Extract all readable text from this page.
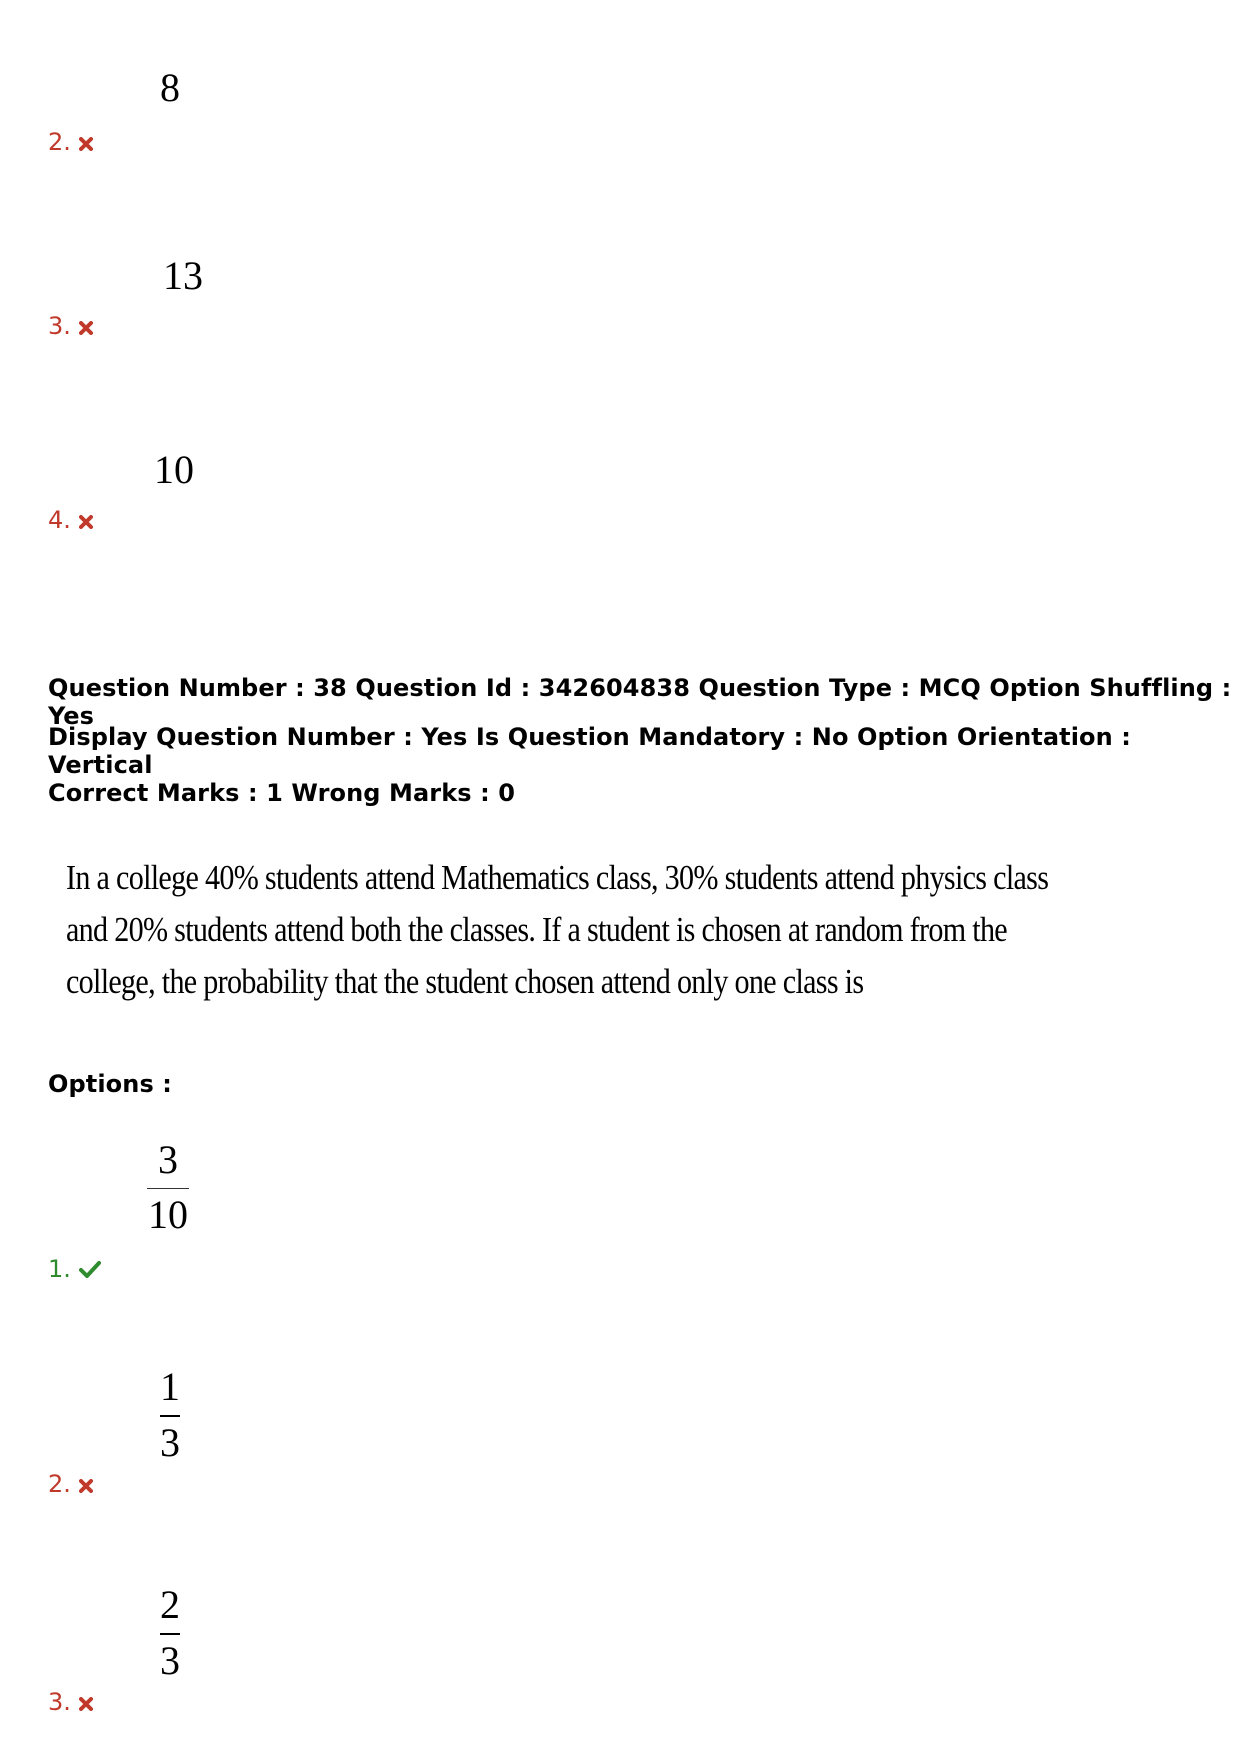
8
2.
13
3.
10
4.
Question Number : 38 Question Id : 342604838 Question Type : MCQ Option Shuffling : Yes
Display Question Number : Yes Is Question Mandatory : No Option Orientation : Vertical
Correct Marks : 1 Wrong Marks : 0
In a college 40% students attend Mathematics class, 30% students attend physics class
and 20% students attend both the classes. If a student is chosen at random from the
college, the probability that the student chosen attend only one class is
Options :
3
10
1.
1
3
2.
2
3
3.
